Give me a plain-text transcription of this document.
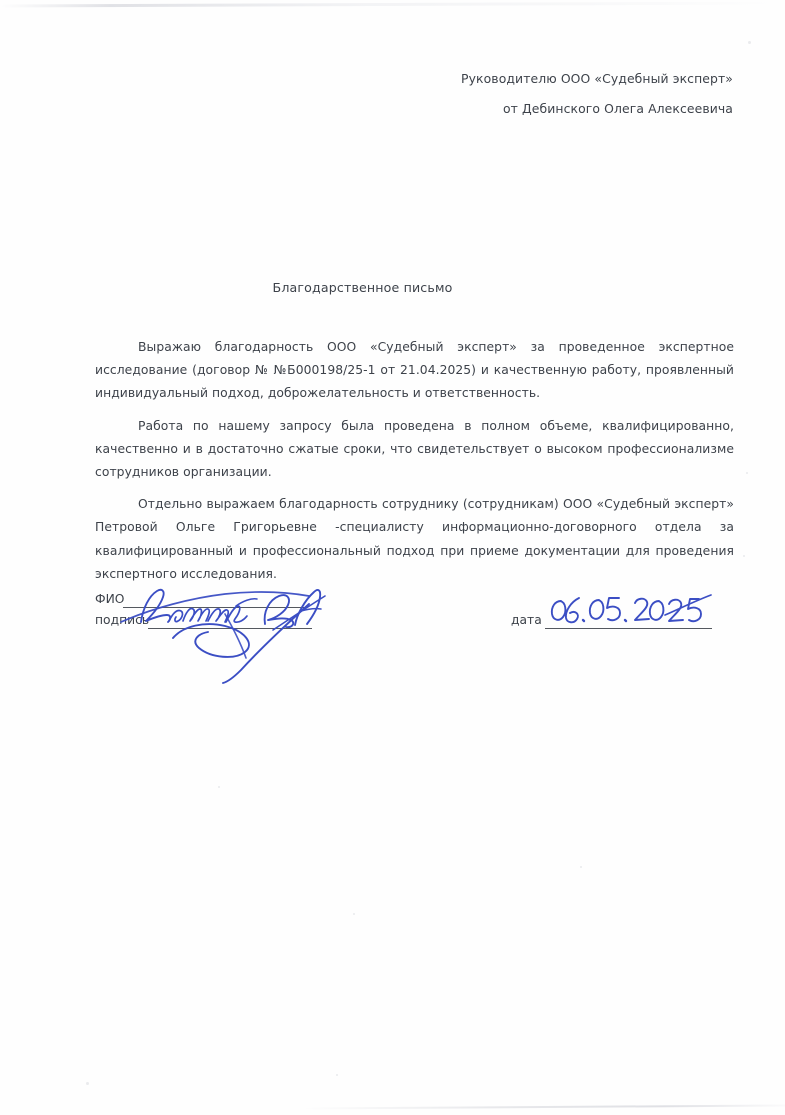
Руководителю ООО «Судебный эксперт»
от Дебинского Олега Алексеевича
Благодарственное письмо

Выражаю благодарность ООО «Судебный эксперт» за проведенное экспертное исследование (договор № №Б000198/25-1 от 21.04.2025) и качественную работу, проявленный индивидуальный подход, доброжелательность и ответственность.

Работа по нашему запросу была проведена в полном объеме, квалифицированно, качественно и в достаточно сжатые сроки, что свидетельствует о высоком профессионализме сотрудников организации.

Отдельно выражаем благодарность сотруднику (сотрудникам) ООО «Судебный эксперт» Петровой Ольге Григорьевне -специалисту информационно-договорного отдела за квалифицированный и профессиональный подход при приеме документации для проведения экспертного исследования.

ФИО
подпись	дата
